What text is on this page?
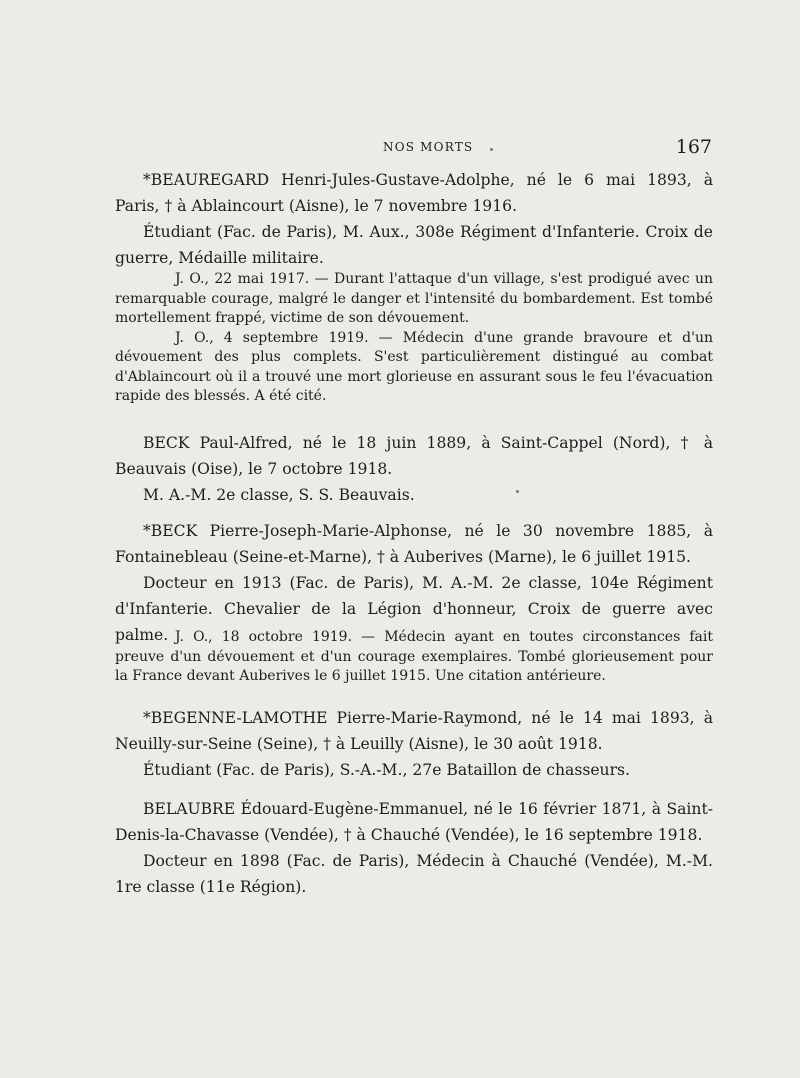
NOS MORTS	167

*BEAUREGARD Henri-Jules-Gustave-Adolphe, né le 6 mai 1893, à Paris, † à Ablaincourt (Aisne), le 7 novembre 1916.

Étudiant (Fac. de Paris), M. Aux., 308e Régiment d'Infanterie. Croix de guerre, Médaille militaire.

J. O., 22 mai 1917. — Durant l'attaque d'un village, s'est prodigué avec un remarquable courage, malgré le danger et l'intensité du bombardement. Est tombé mortellement frappé, victime de son dévouement.

J. O., 4 septembre 1919. — Médecin d'une grande bravoure et d'un dévouement des plus complets. S'est particulièrement distingué au combat d'Ablaincourt où il a trouvé une mort glorieuse en assurant sous le feu l'évacuation rapide des blessés. A été cité.

BECK Paul-Alfred, né le 18 juin 1889, à Saint-Cappel (Nord), † à Beauvais (Oise), le 7 octobre 1918.

M. A.-M. 2e classe, S. S. Beauvais.

*BECK Pierre-Joseph-Marie-Alphonse, né le 30 novembre 1885, à Fontainebleau (Seine-et-Marne), † à Auberives (Marne), le 6 juillet 1915.

Docteur en 1913 (Fac. de Paris), M. A.-M. 2e classe, 104e Régiment d'Infanterie. Chevalier de la Légion d'honneur, Croix de guerre avec palme. J. O., 18 octobre 1919. — Médecin ayant en toutes circonstances fait preuve d'un dévouement et d'un courage exemplaires. Tombé glorieusement pour la France devant Auberives le 6 juillet 1915. Une citation antérieure.

*BEGENNE-LAMOTHE Pierre-Marie-Raymond, né le 14 mai 1893, à Neuilly-sur-Seine (Seine), † à Leuilly (Aisne), le 30 août 1918.

Étudiant (Fac. de Paris), S.-A.-M., 27e Bataillon de chasseurs.

BELAUBRE Édouard-Eugène-Emmanuel, né le 16 février 1871, à Saint-Denis-la-Chavasse (Vendée), † à Chauché (Vendée), le 16 septembre 1918.

Docteur en 1898 (Fac. de Paris), Médecin à Chauché (Vendée), M.-M. 1re classe (11e Région).
